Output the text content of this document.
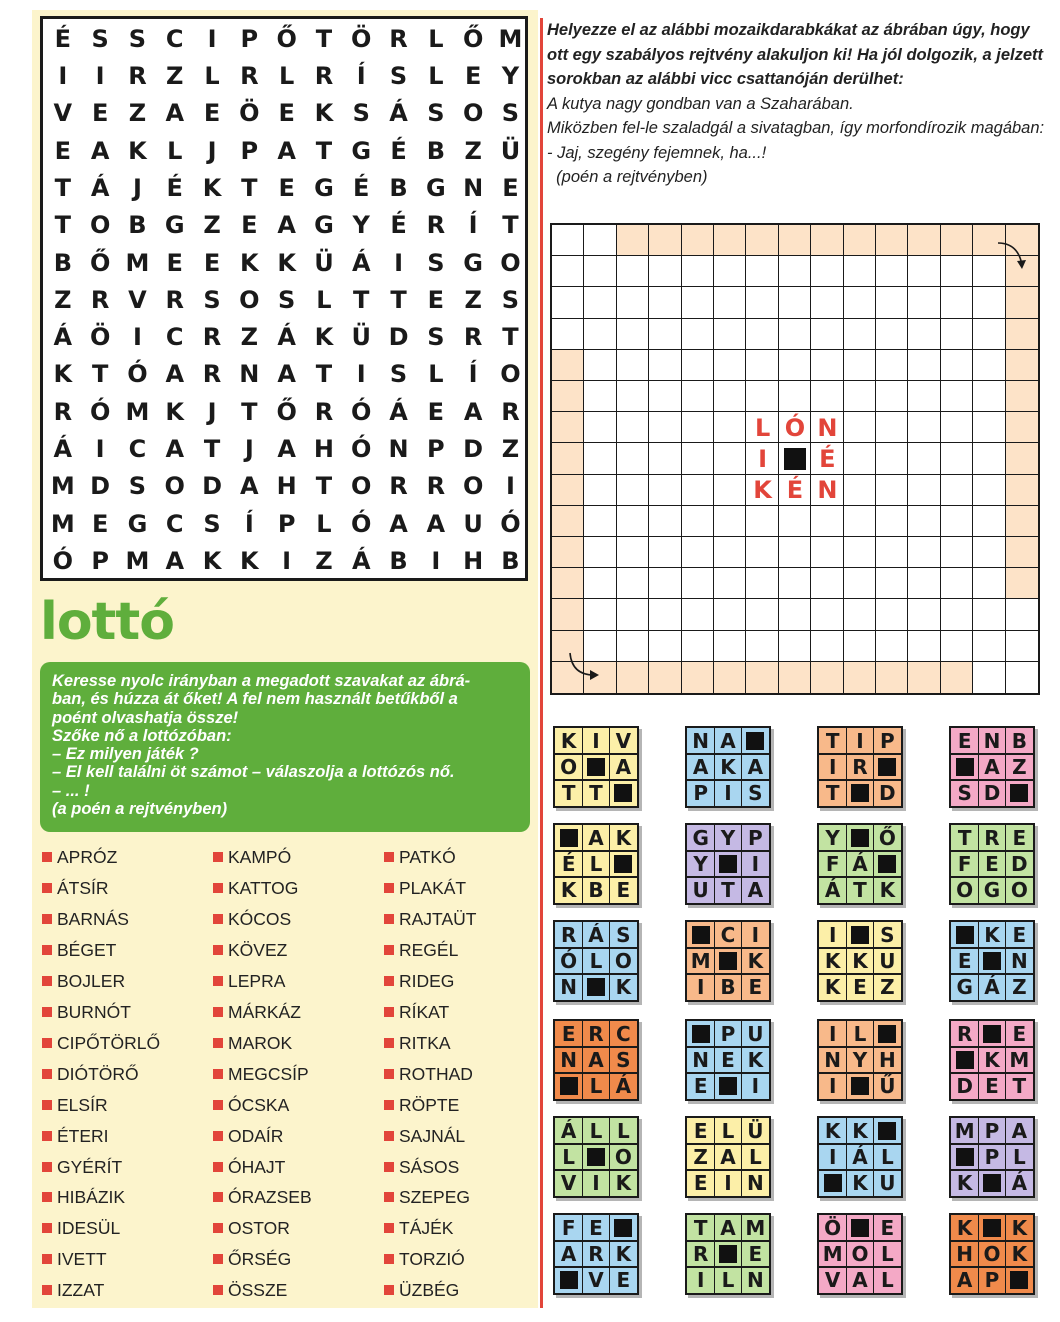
É S S C	I	P Ő T Ö R L Ő M
I	I R Z L R L R Í	S L E Y
V E Z A E Ö E K S Á S O S
E A K L	J	P A T G É B Z Ü
T Á J	É K T E G É B G N E
T O B G Z E A G Y É R Í	T
B Ő M E E K K Ü Á I	S G O
Z R V R S O S L T T E Z S
Á Ö I	C R Z Á K Ü D S R T
K T Ó A R N A T	I	S L	Í O
R Ó M K J	T Ő R Ó Á E A R
Á I	C A T	J A H Ó N P D Z
M D S O D A H T O R R O I
M E G C S	Í	P L Ó A A U Ó
Ó P M A K K I	Z Á B I H B
lottó
Keresse nyolc irányban a megadott szavakat az ábrá-
ban, és húzza át őket! A fel nem használt betűkből a
poént olvashatja össze!
Szőke nő a lottózóban:
– Ez milyen játék ?
– El kell találni öt számot – válaszolja a lottózós nő.
– ... !
(a poén a rejtvényben)
APRÓZ
ÁTSÍR
BARNÁS
BÉGET
BOJLER
BURNÓT
CIPŐTÖRLŐ
DIÓTÖRŐ
ELSÍR
ÉTERI
GYÉRÍT
HIBÁZIK
IDESÜL
IVETT
IZZAT
KAMPÓ
KATTOG
KÓCOS
KÖVEZ
LEPRA
MÁRKÁZ
MAROK
MEGCSÍP
ÓCSKA
ODAÍR
ÓHAJT
ÓRAZSEB
OSTOR
ŐRSÉG
ÖSSZE
PATKÓ
PLAKÁT
RAJTAÜT
REGÉL
RIDEG
RÍKAT
RITKA
ROTHAD
RÖPTE
SAJNÁL
SÁSOS
SZEPEG
TÁJÉK
TORZIÓ
ÜZBÉG

Helyezze el az alábbi mozaikdarabkákat az ábrában úgy, hogy ott egy szabályos rejtvény alakuljon ki! Ha jól dolgozik, a jelzett sorokban az alábbi vicc csattanóján derülhet:

A kutya nagy gondban van a Szaharában.

Miközben fel-le szaladgál a sivatagban, így morfondírozik magában:

- Jaj, szegény fejemnek, ha...!

(poén a rejtvényben)

L Ó N
I	É
K É N
K I V
O A
T T
N A
A K A
P I S
T I P
I R
T	D
E N B
A Z
S D
A K
É L
K B E
G Y P
Y	I
U T A
Y	Ő
F Á
Á T K
T R E
F E D
O G O
R Á S
Ó L O
N K
C I
M K
I B E
I	S
K K U
K E Z
K E
E	N
G Á Z
E R C
N A S
L Á
P U
N E K
E	I
I L
N Y H
I	Ű
R	E
K M
D E T
Á L L
L	O
V I K
E L Ü
Z A L
E I N
K K
I Á L
K U
M P A
P L
K Á
F E
A R K
V E
T A M
R	E
I L N
Ö	E
M O L
V A L
K K
H O K
A P
